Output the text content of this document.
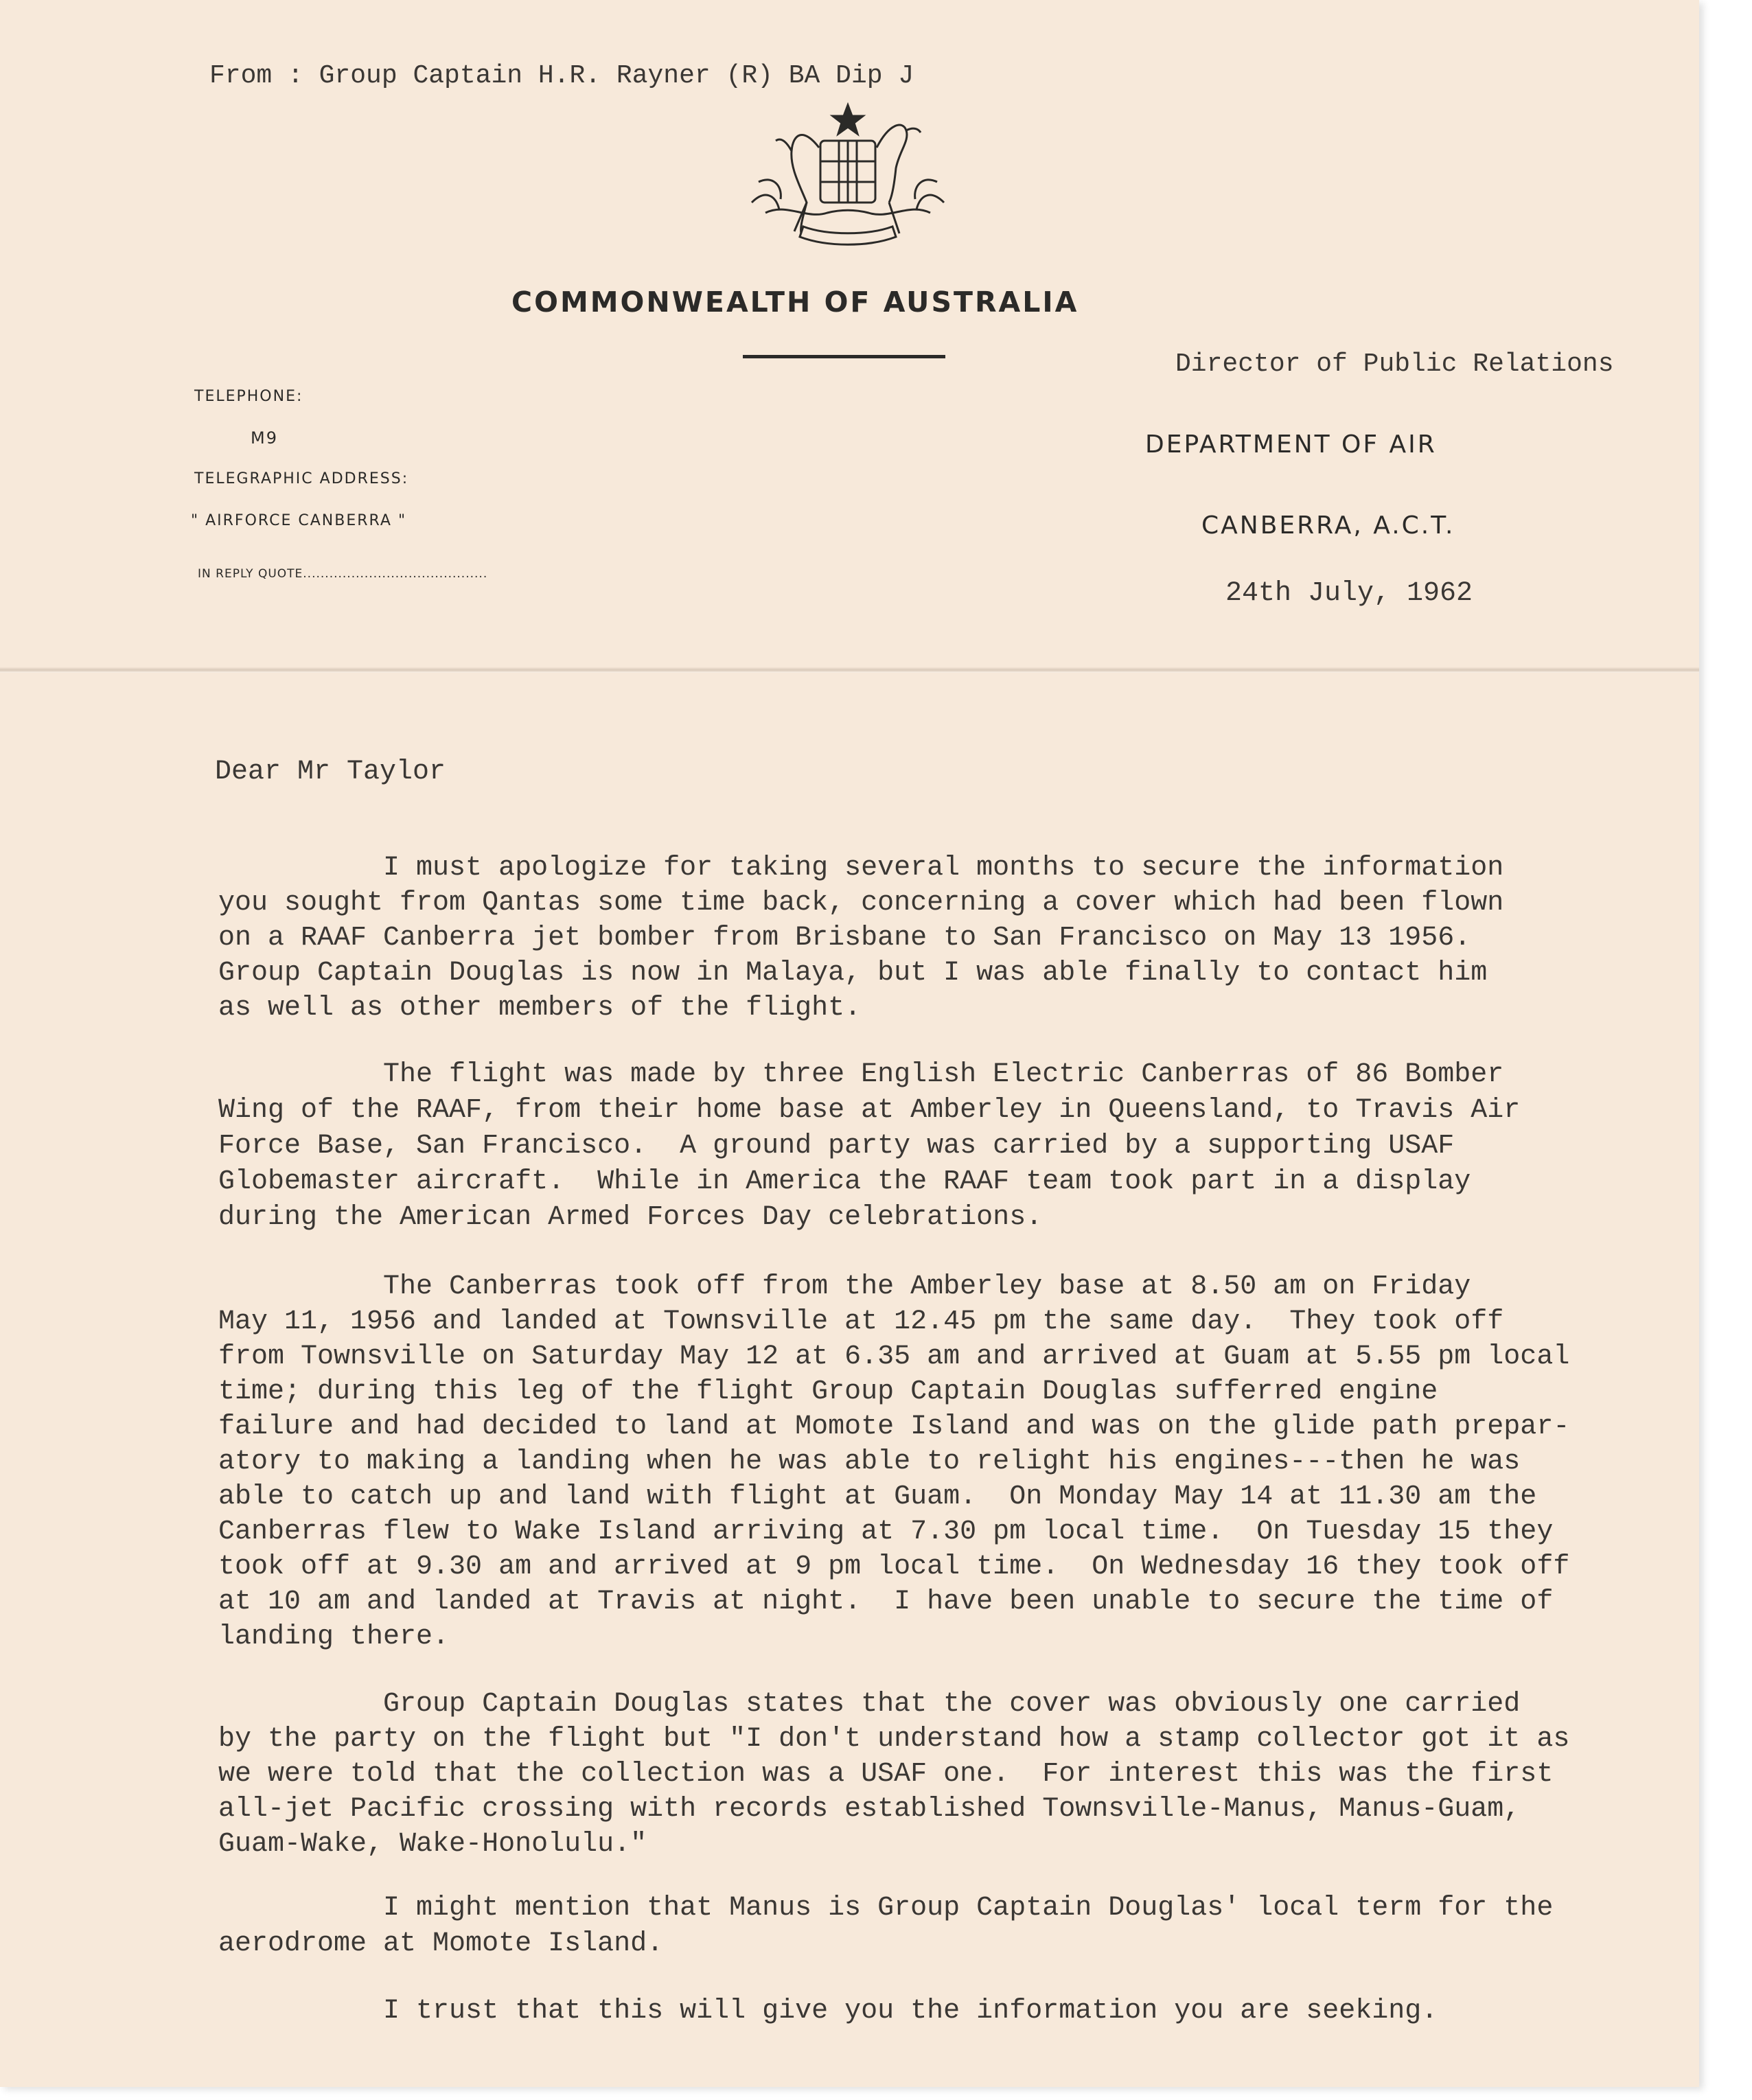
From : Group Captain H.R. Rayner (R) BA Dip J
COMMONWEALTH OF AUSTRALIA
Director of Public Relations
TELEPHONE:
M9
TELEGRAPHIC ADDRESS:
" AIRFORCE CANBERRA "
IN REPLY QUOTE..........................................
DEPARTMENT OF AIR
CANBERRA, A.C.T.
24th July, 1962
Dear Mr Taylor
I must apologize for taking several months to secure the information
you sought from Qantas some time back, concerning a cover which had been flown
on a RAAF Canberra jet bomber from Brisbane to San Francisco on May 13 1956.
Group Captain Douglas is now in Malaya, but I was able finally to contact him
as well as other members of the flight.
The flight was made by three English Electric Canberras of 86 Bomber
Wing of the RAAF, from their home base at Amberley in Queensland, to Travis Air
Force Base, San Francisco.  A ground party was carried by a supporting USAF
Globemaster aircraft.  While in America the RAAF team took part in a display
during the American Armed Forces Day celebrations.
The Canberras took off from the Amberley base at 8.50 am on Friday
May 11, 1956 and landed at Townsville at 12.45 pm the same day.  They took off
from Townsville on Saturday May 12 at 6.35 am and arrived at Guam at 5.55 pm local
time; during this leg of the flight Group Captain Douglas sufferred engine
failure and had decided to land at Momote Island and was on the glide path prepar-
atory to making a landing when he was able to relight his engines---then he was
able to catch up and land with flight at Guam.  On Monday May 14 at 11.30 am the
Canberras flew to Wake Island arriving at 7.30 pm local time.  On Tuesday 15 they
took off at 9.30 am and arrived at 9 pm local time.  On Wednesday 16 they took off
at 10 am and landed at Travis at night.  I have been unable to secure the time of
landing there.
Group Captain Douglas states that the cover was obviously one carried
by the party on the flight but "I don't understand how a stamp collector got it as
we were told that the collection was a USAF one.  For interest this was the first
all-jet Pacific crossing with records established Townsville-Manus, Manus-Guam,
Guam-Wake, Wake-Honolulu."
I might mention that Manus is Group Captain Douglas' local term for the
aerodrome at Momote Island.
I trust that this will give you the information you are seeking.
